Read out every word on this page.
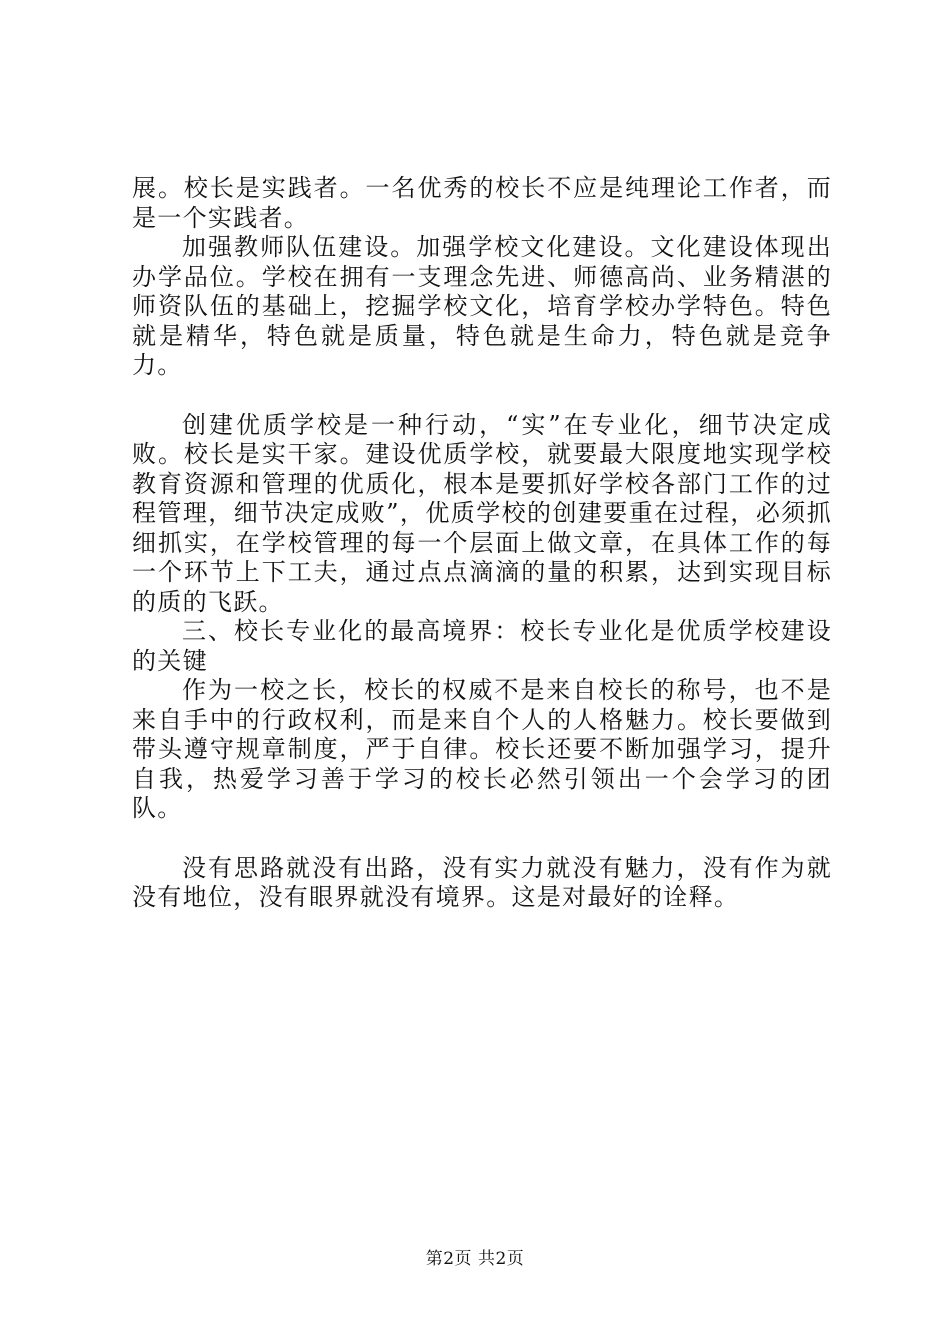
展。校长是实践者。一名优秀的校长不应是纯理论工作者，而是一个实践者。

加强教师队伍建设。加强学校文化建设。文化建设体现出办学品位。学校在拥有一支理念先进、师德高尚、业务精湛的师资队伍的基础上，挖掘学校文化，培育学校办学特色。特色就是精华，特色就是质量，特色就是生命力，特色就是竞争力。

创建优质学校是一种行动，“实”在专业化，细节决定成败。校长是实干家。建设优质学校，就要最大限度地实现学校教育资源和管理的优质化，根本是要抓好学校各部门工作的过程管理，细节决定成败”，优质学校的创建要重在过程，必须抓细抓实，在学校管理的每一个层面上做文章，在具体工作的每一个环节上下工夫，通过点点滴滴的量的积累，达到实现目标的质的飞跃。

三、校长专业化的最高境界：校长专业化是优质学校建设的关键

作为一校之长，校长的权威不是来自校长的称号，也不是来自手中的行政权利，而是来自个人的人格魅力。校长要做到带头遵守规章制度，严于自律。校长还要不断加强学习，提升自我，热爱学习善于学习的校长必然引领出一个会学习的团队。

没有思路就没有出路，没有实力就没有魅力，没有作为就没有地位，没有眼界就没有境界。这是对最好的诠释。

第2页 共2页
